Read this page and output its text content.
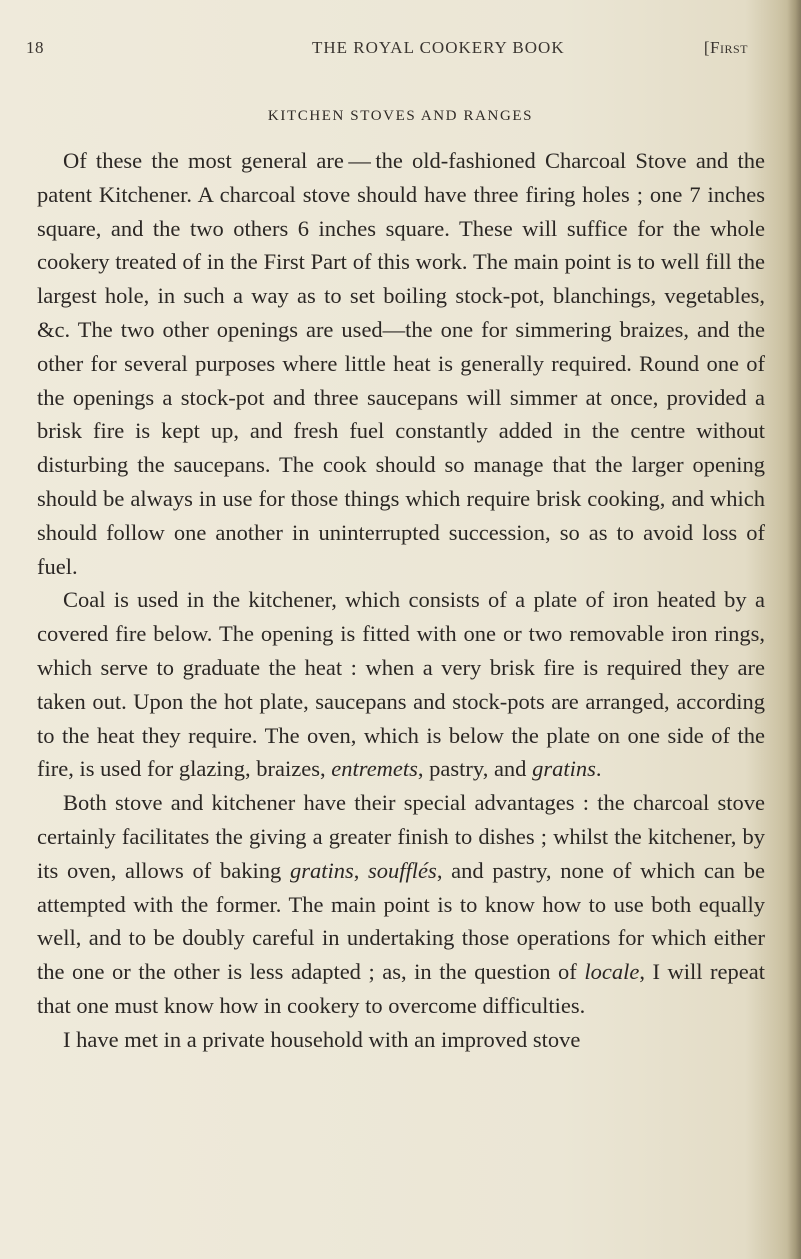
18	THE ROYAL COOKERY BOOK	[First
KITCHEN STOVES AND RANGES

Of these the most general are — the old-fashioned Charcoal Stove and the patent Kitchener. A charcoal stove should have three firing holes ; one 7 inches square, and the two others 6 inches square. These will suffice for the whole cookery treated of in the First Part of this work. The main point is to well fill the largest hole, in such a way as to set boiling stock-pot, blanchings, vegetables, &c. The two other openings are used—the one for simmering braizes, and the other for several purposes where little heat is generally required. Round one of the openings a stock-pot and three saucepans will simmer at once, provided a brisk fire is kept up, and fresh fuel constantly added in the centre without disturbing the saucepans. The cook should so manage that the larger opening should be always in use for those things which require brisk cooking, and which should follow one another in uninterrupted succession, so as to avoid loss of fuel.

Coal is used in the kitchener, which consists of a plate of iron heated by a covered fire below. The opening is fitted with one or two removable iron rings, which serve to graduate the heat : when a very brisk fire is required they are taken out. Upon the hot plate, saucepans and stock-pots are arranged, according to the heat they require. The oven, which is below the plate on one side of the fire, is used for glazing, braizes, entremets, pastry, and gratins.

Both stove and kitchener have their special advantages : the charcoal stove certainly facilitates the giving a greater finish to dishes ; whilst the kitchener, by its oven, allows of baking gratins, soufflés, and pastry, none of which can be attempted with the former. The main point is to know how to use both equally well, and to be doubly careful in undertaking those operations for which either the one or the other is less adapted ; as, in the question of locale, I will repeat that one must know how in cookery to overcome difficulties.

I have met in a private household with an improved stove
